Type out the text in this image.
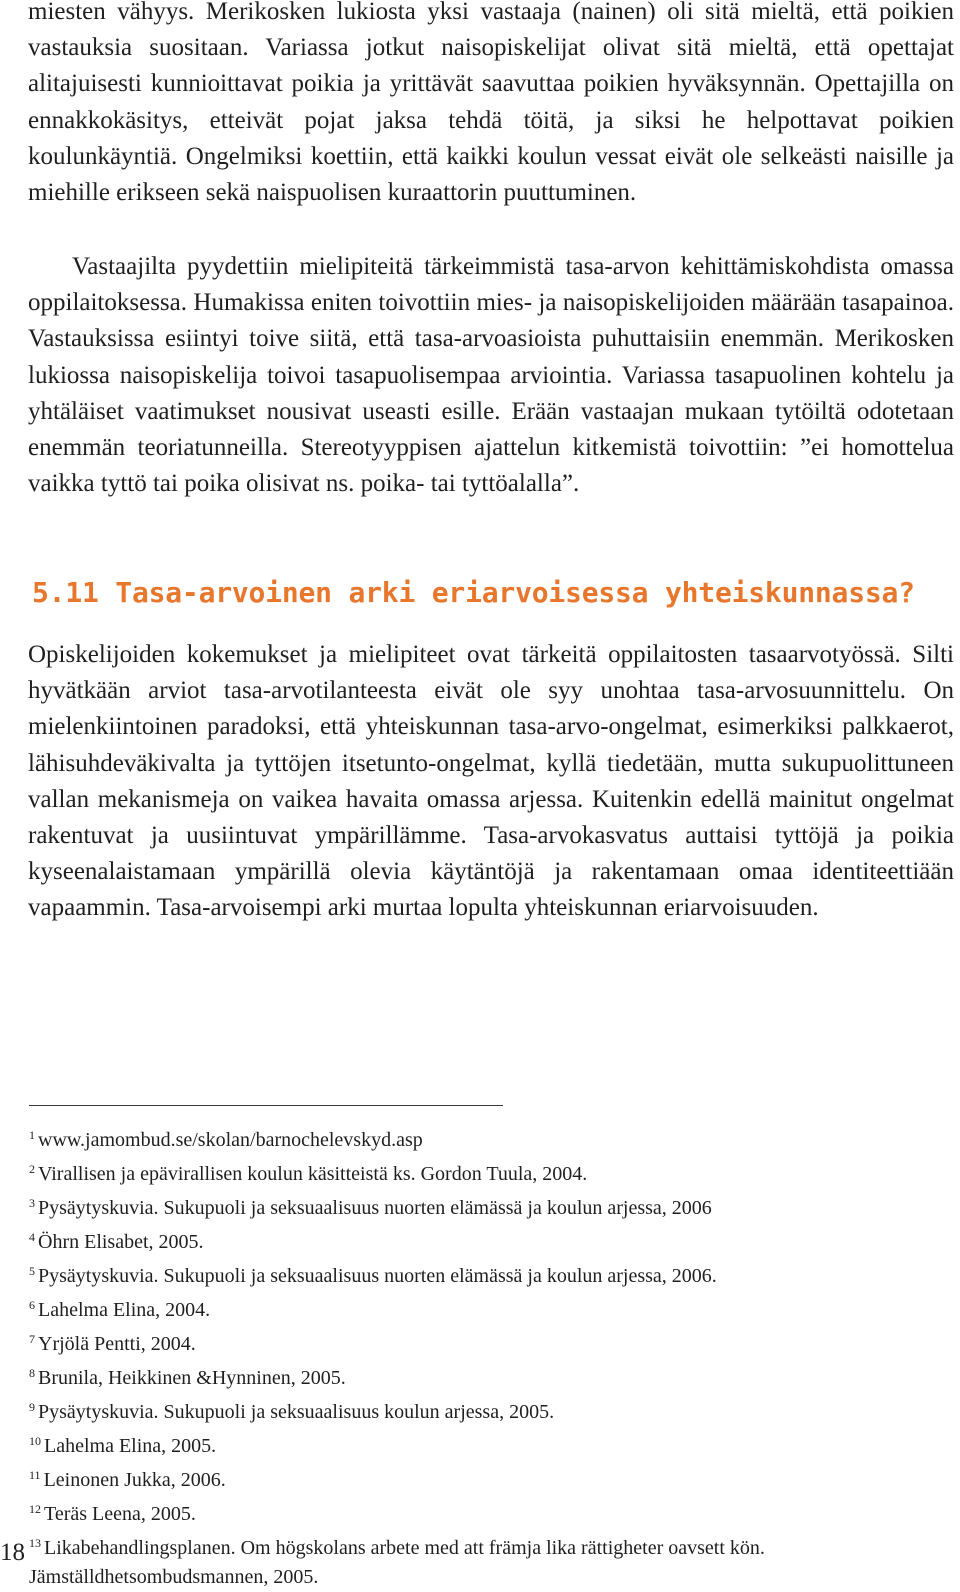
miesten vähyys. Merikosken lukiosta yksi vastaaja (nainen) oli sitä mieltä, että poikien vastauksia suositaan. Variassa jotkut naisopiskelijat olivat sitä mieltä, että opettajat alitajuisesti kunnioittavat poikia ja yrittävät saavuttaa poikien hyväksynnän. Opettajilla on ennakkokäsitys, etteivät pojat jaksa tehdä töitä, ja siksi he helpottavat poikien koulunkäyntiä. Ongelmiksi koettiin, että kaikki koulun vessat eivät ole selkeästi naisille ja miehille erikseen sekä naispuolisen kuraattorin puuttuminen.

Vastaajilta pyydettiin mielipiteitä tärkeimmistä tasa-arvon kehittämiskohdista omassa oppilaitoksessa. Humakissa eniten toivottiin mies- ja naisopiskelijoiden määrään tasapainoa. Vastauksissa esiintyi toive siitä, että tasa-arvoasioista puhuttaisiin enemmän. Merikosken lukiossa naisopiskelija toivoi tasapuolisempaa arviointia. Variassa tasapuolinen kohtelu ja yhtäläiset vaatimukset nousivat useasti esille. Erään vastaajan mukaan tytöiltä odotetaan enemmän teoriatunneilla. Stereotyyppisen ajattelun kitkemistä toivottiin: ”ei homottelua vaikka tyttö tai poika olisivat ns. poika- tai tyttöalalla”.

5.11 Tasa-arvoinen arki eriarvoisessa yhteiskunnassa?

Opiskelijoiden kokemukset ja mielipiteet ovat tärkeitä oppilaitosten tasaarvotyössä. Silti hyvätkään arviot tasa-arvotilanteesta eivät ole syy unohtaa tasa-arvosuunnittelu. On mielenkiintoinen paradoksi, että yhteiskunnan tasa-arvo-ongelmat, esimerkiksi palkkaerot, lähisuhdeväkivalta ja tyttöjen itsetunto-ongelmat, kyllä tiedetään, mutta sukupuolittuneen vallan mekanismeja on vaikea havaita omassa arjessa. Kuitenkin edellä mainitut ongelmat rakentuvat ja uusiintuvat ympärillämme. Tasa-arvokasvatus auttaisi tyttöjä ja poikia kyseenalaistamaan ympärillä olevia käytäntöjä ja rakentamaan omaa identiteettiään vapaammin. Tasa-arvoisempi arki murtaa lopulta yhteiskunnan eriarvoisuuden.

$^1$ www.jamombud.se/skolan/barnochelevskyd.asp
$^2$ Virallisen ja epävirallisen koulun käsitteistä ks. Gordon Tuula, 2004.
$^3$ Pysäytyskuvia. Sukupuoli ja seksuaalisuus nuorten elämässä ja koulun arjessa, 2006
$^4$ Öhrn Elisabet, 2005.
$^5$ Pysäytyskuvia. Sukupuoli ja seksuaalisuus nuorten elämässä ja koulun arjessa, 2006.
$^6$ Lahelma Elina, 2004.
$^7$ Yrjölä Pentti, 2004.
$^8$ Brunila, Heikkinen &Hynninen, 2005.
$^9$ Pysäytyskuvia. Sukupuoli ja seksuaalisuus koulun arjessa, 2005.
$^{10}$ Lahelma Elina, 2005.
$^{11}$ Leinonen Jukka, 2006.
$^{12}$ Teräs Leena, 2005.
$^{13}$ Likabehandlingsplanen. Om högskolans arbete med att främja lika rättigheter oavsett kön.
Jämställdhetsombudsmannen, 2005.
18
